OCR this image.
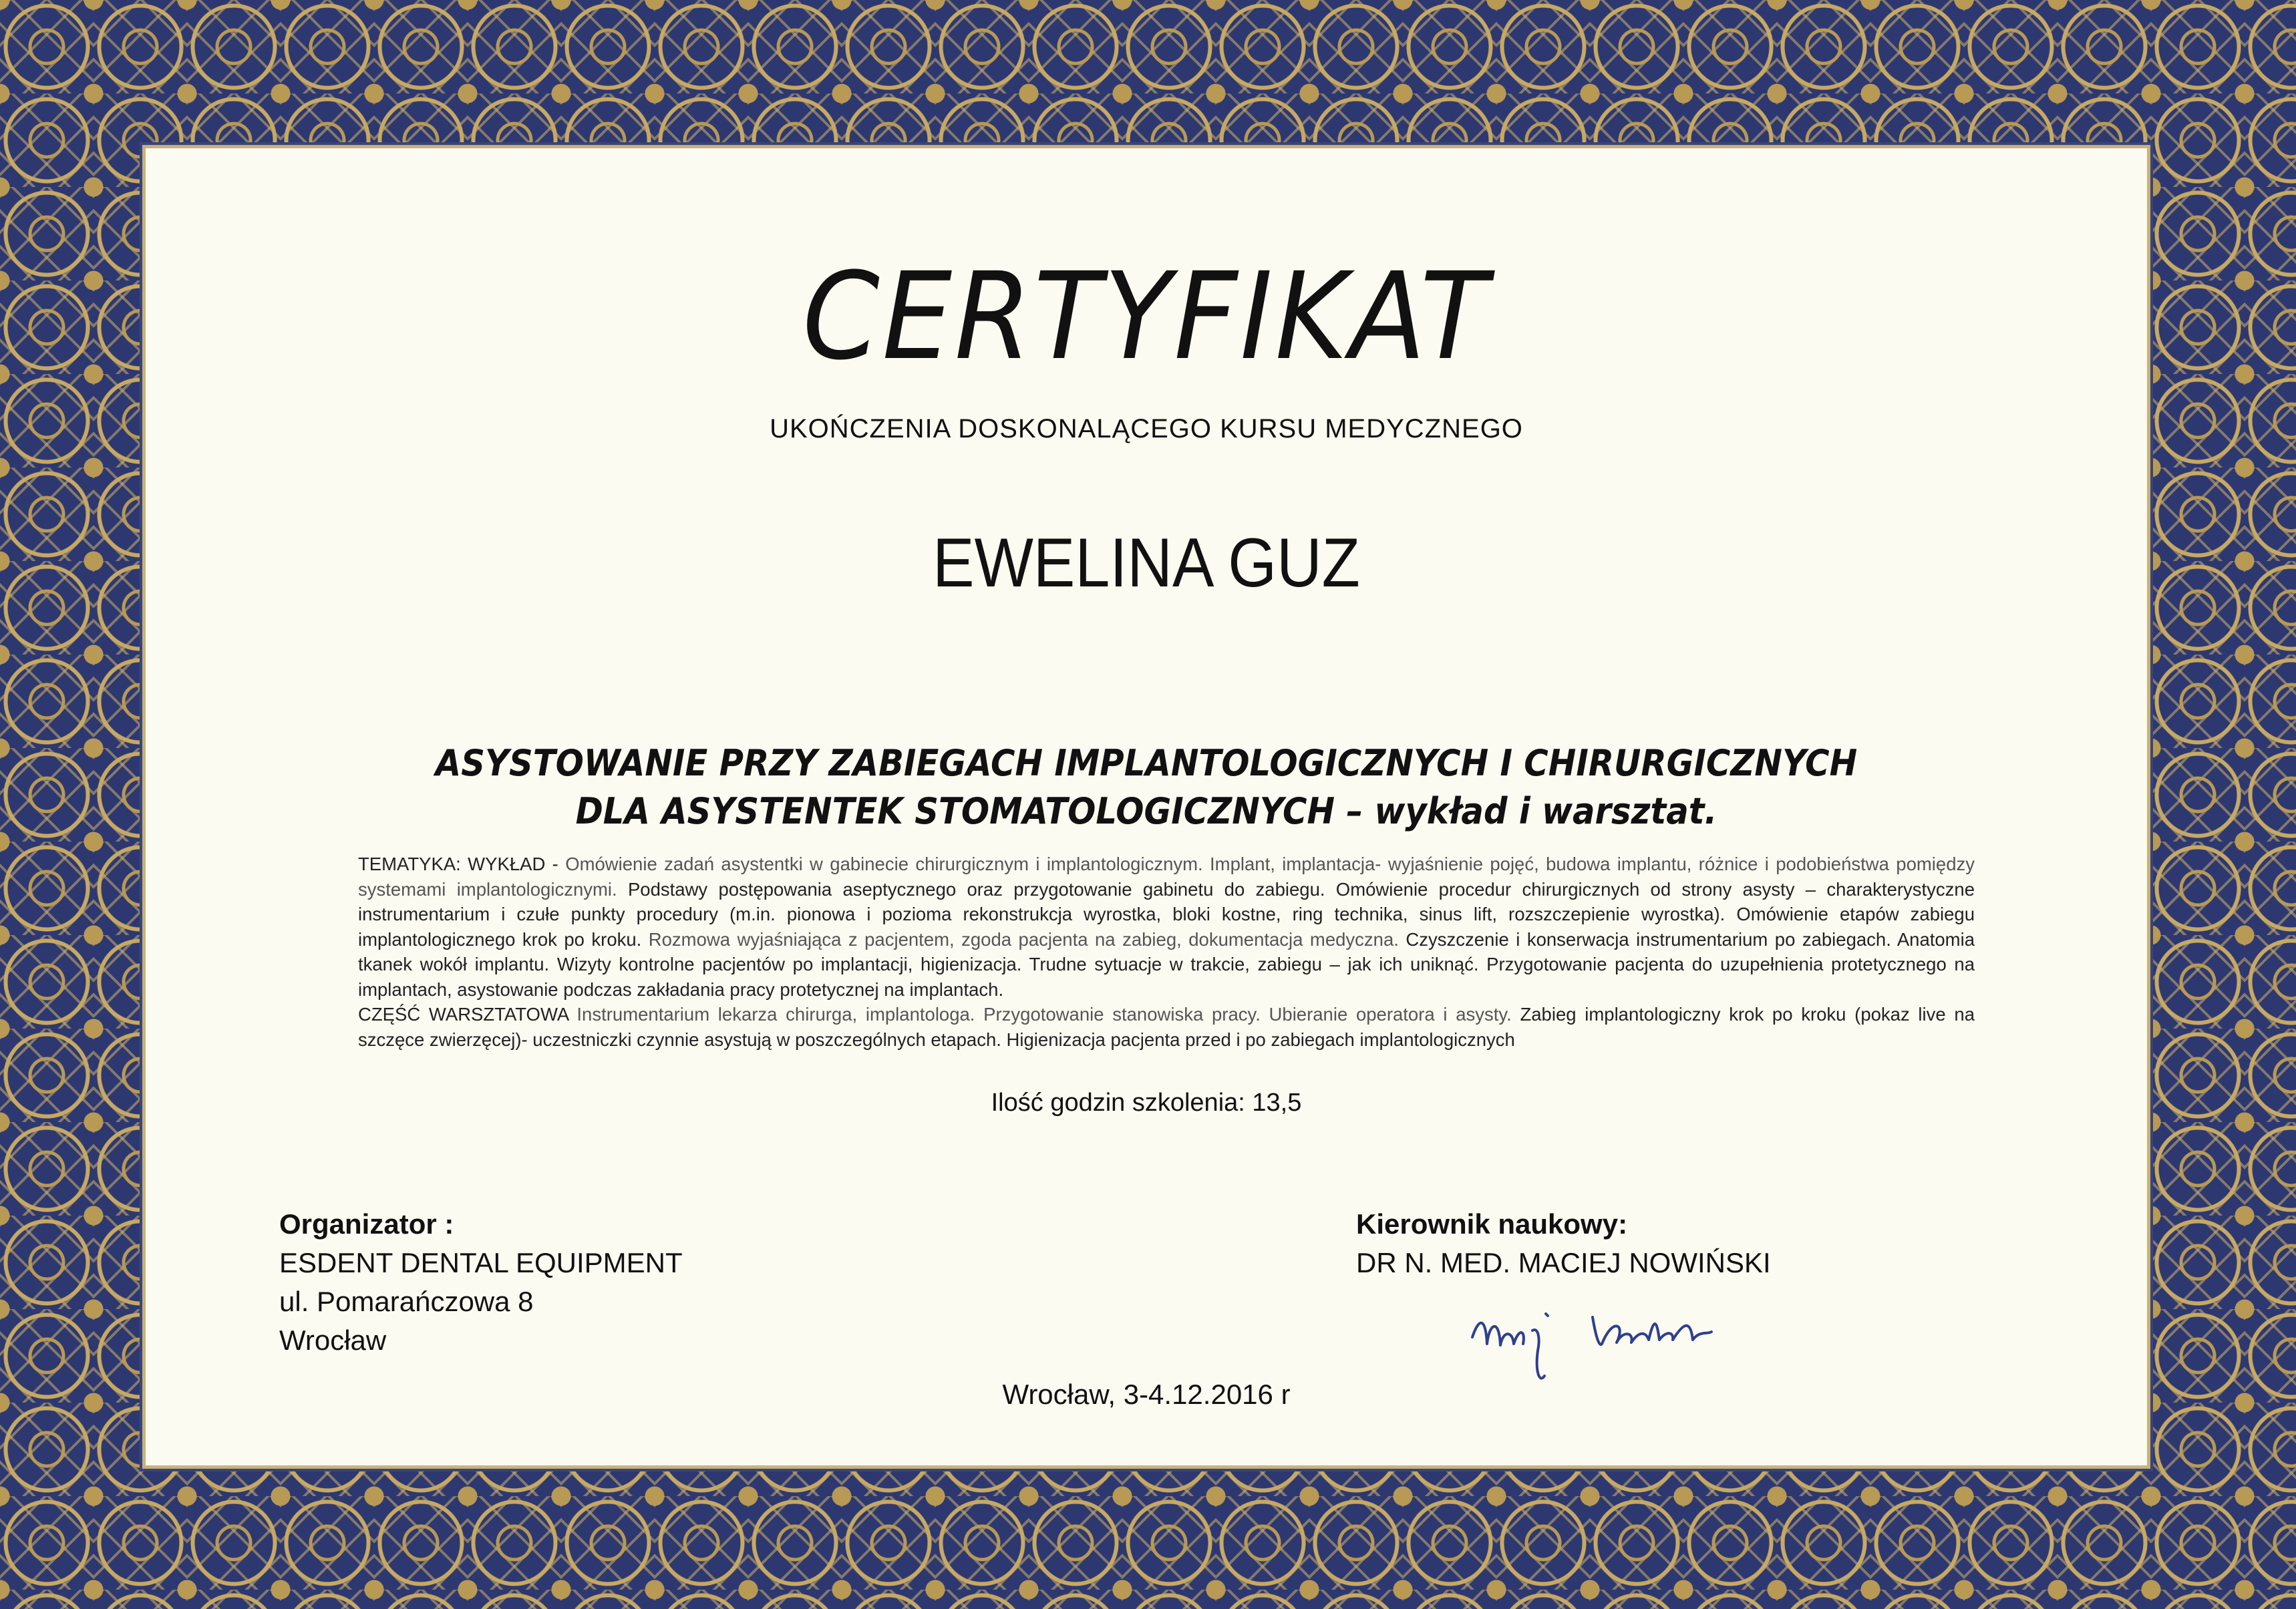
CERTYFIKAT
UKOŃCZENIA DOSKONALĄCEGO KURSU MEDYCZNEGO
EWELINA GUZ
ASYSTOWANIE PRZY ZABIEGACH IMPLANTOLOGICZNYCH I CHIRURGICZNYCH
DLA ASYSTENTEK STOMATOLOGICZNYCH – wykład i warsztat.
TEMATYKA: WYKŁAD - Omówienie zadań asystentki w gabinecie chirurgicznym i implantologicznym. Implant, implantacja- wyjaśnienie pojęć, budowa implantu, różnice i podobieństwa pomiędzy systemami implantologicznymi. Podstawy postępowania aseptycznego oraz przygotowanie gabinetu do zabiegu. Omówienie procedur chirurgicznych od strony asysty – charakterystyczne instrumentarium i czułe punkty procedury (m.in. pionowa i pozioma rekonstrukcja wyrostka, bloki kostne, ring technika, sinus lift, rozszczepienie wyrostka). Omówienie etapów zabiegu implantologicznego krok po kroku. Rozmowa wyjaśniająca z pacjentem, zgoda pacjenta na zabieg, dokumentacja medyczna. Czyszczenie i konserwacja instrumentarium po zabiegach. Anatomia tkanek wokół implantu. Wizyty kontrolne pacjentów po implantacji, higienizacja. Trudne sytuacje w trakcie, zabiegu – jak ich uniknąć. Przygotowanie pacjenta do uzupełnienia protetycznego na implantach, asystowanie podczas zakładania pracy protetycznej na implantach.
CZĘŚĆ WARSZTATOWA Instrumentarium lekarza chirurga, implantologa. Przygotowanie stanowiska pracy. Ubieranie operatora i asysty. Zabieg implantologiczny krok po kroku (pokaz live na szczęce zwierzęcej)- uczestniczki czynnie asystują w poszczególnych etapach. Higienizacja pacjenta przed i po zabiegach implantologicznych
Ilość godzin szkolenia: 13,5
Organizator :
ESDENT DENTAL EQUIPMENT
ul. Pomarańczowa 8
Wrocław
Kierownik naukowy:
DR N. MED. MACIEJ NOWIŃSKI
Wrocław, 3-4.12.2016 r
